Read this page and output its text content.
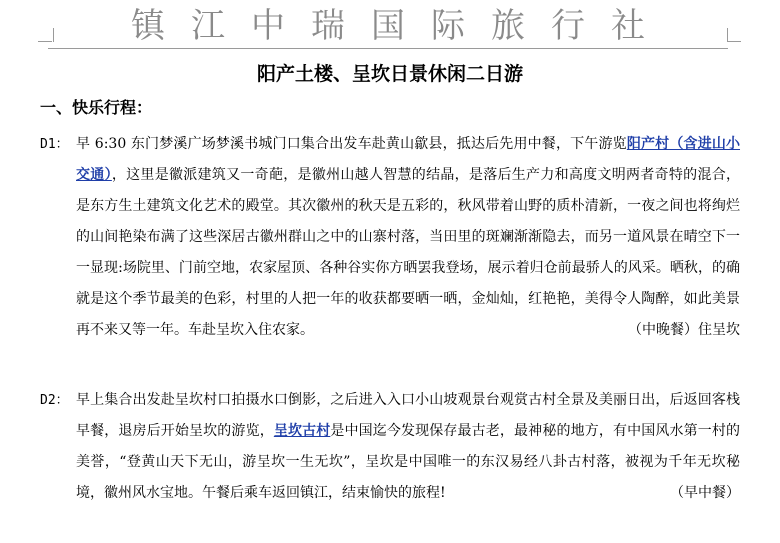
镇江中瑞国际旅行社
阳产土楼、呈坎日景休闲二日游
一、快乐行程：
D1： 早 6:30 东门梦溪广场梦溪书城门口集合出发车赴黄山歙县，抵达后先用中餐，下午游览阳产村（含进山小交通），这里是徽派建筑又一奇葩，是徽州山越人智慧的结晶，是落后生产力和高度文明两者奇特的混合，是东方生土建筑文化艺术的殿堂。其次徽州的秋天是五彩的，秋风带着山野的质朴清新，一夜之间也将绚烂的山间艳染布满了这些深居古徽州群山之中的山寨村落，当田里的斑斓渐渐隐去，而另一道风景在晴空下一一显现:场院里、门前空地，农家屋顶、各种谷实你方晒罢我登场，展示着归仓前最骄人的风采。晒秋，的确就是这个季节最美的色彩，村里的人把一年的收获都要晒一晒，金灿灿，红艳艳，美得令人陶醉，如此美景再不来又等一年。车赴呈坎入住农家。	（中晚餐）住呈坎
D2： 早上集合出发赴呈坎村口拍摄水口倒影，之后进入入口小山坡观景台观赏古村全景及美丽日出，后返回客栈早餐，退房后开始呈坎的游览，呈坎古村是中国迄今发现保存最古老，最神秘的地方，有中国风水第一村的美誉，“登黄山天下无山，游呈坎一生无坎”，呈坎是中国唯一的东汉易经八卦古村落，被视为千年无坎秘境，徽州风水宝地。午餐后乘车返回镇江，结束愉快的旅程!	（早中餐）
